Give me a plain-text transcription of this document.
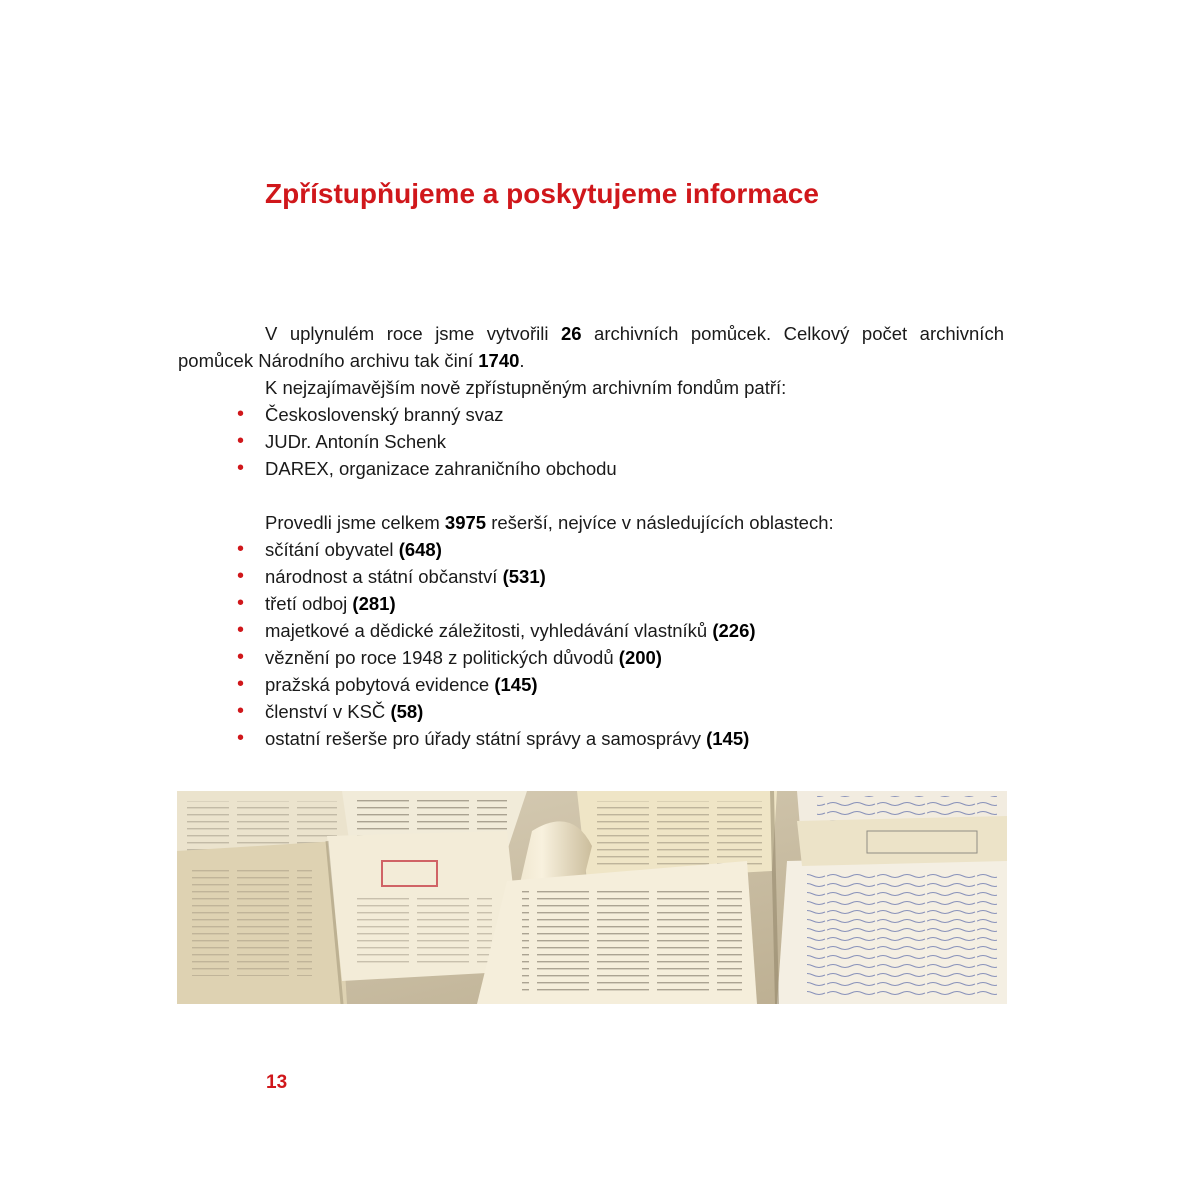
Zpřístupňujeme a poskytujeme informace

V uplynulém roce jsme vytvořili 26 archivních pomůcek. Celkový počet archivních pomůcek Národního archivu tak činí 1740.

K nejzajímavějším nově zpřístupněným archivním fondům patří:

• Československý branný svaz
• JUDr. Antonín Schenk
• DAREX, organizace zahraničního obchodu

Provedli jsme celkem 3975 rešerší, nejvíce v následujících oblastech:

• sčítání obyvatel (648)
• národnost a státní občanství (531)
• třetí odboj (281)
• majetkové a dědické záležitosti, vyhledávání vlastníků (226)
• věznění po roce 1948 z politických důvodů (200)
• pražská pobytová evidence (145)
• členství v KSČ (58)
• ostatní rešerše pro úřady státní správy a samosprávy (145)
13
